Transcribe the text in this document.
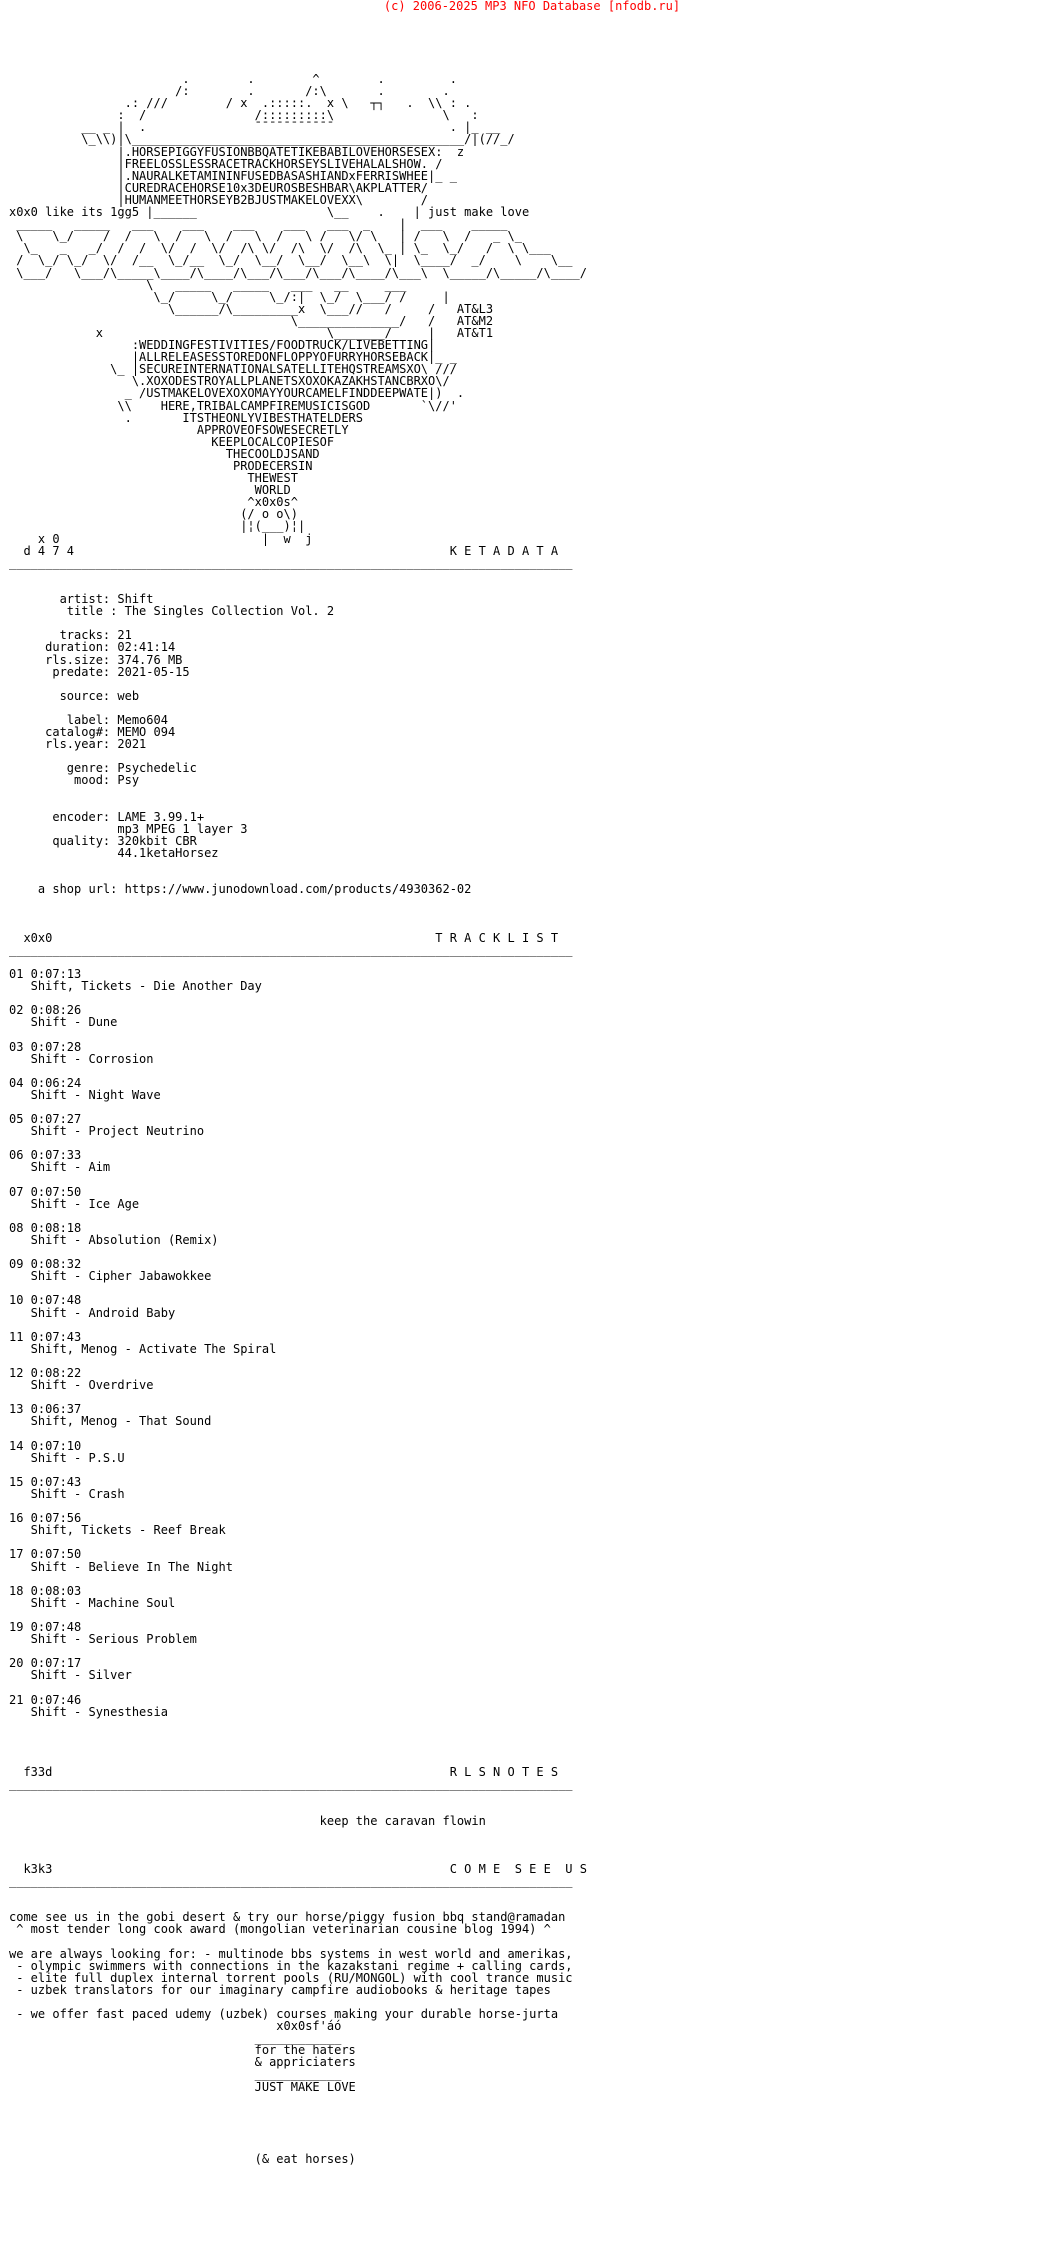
(c) 2006-2025 MP3 NFO Database [nfodb.ru]
.        .        ^        .         .
/:        .       /:\       .        .
.: ///        / x  .:::::.  x \   ┬┐   .  \\ : .
:  /               /:::::::::\               \   :
__ _ |  .               ¯¯¯¯¯¯¯¯¯¯¯                . |_ __
\_\\)|\______________________________________________/|(//_/
|.HORSEPIGGYFUSIONBBQATETIKEBABILOVEHORSESEX:  z
|FREELOSSLESSRACETRACKHORSEYSLIVEHALALSHOW. /
|.NAURALKETAMININFUSEDBASASHIANDxFERRISWHEE|_ _
|CUREDRACEHORSE10x3DEUROSBESHBAR\AKPLATTER/
|HUMANMEETHORSEYB2BJUSTMAKELOVEXX\        /
x0x0 like its 1gg5 |______                  \__    .    | just make love
_____   _____   ___    ___    ___    ___   ___  _    |  ___    _____
\    \_/    /  /   \  /   \  /   \  /   \ /   \/ \   | /   \  /   _ \_
\_   _   _/  /  /  \/  /  \/  /\ \/  /\  \/  /\  \_ | \_  \_/   /  \ \___
/  \_/ \_/  \/  /__  \_/__  \_/  \__/  \__/  \__\  \|  \____/  _/    \    \__
\___/   \___/\_____\____/\____/\___/\___/\___/\____/\___\  \_____/\_____/\____/
\   _____   _____   ___   __     ___
\_/     \_/     \_/:|  \_/  \___/ /     |
\______/\_________x  \___//   /     /   AT&L3
\______________/   /   AT&M2
x                               \_______/     |   AT&T1
:WEDDINGFESTIVITIES/FOODTRUCK/LIVEBETTING|
|ALLRELEASESSTOREDONFLOPPYOFURRYHORSEBACK|_ _
\_ |SECUREINTERNATIONALSATELLITEHQSTREAMSXO\ ///
\.XOXODESTROYALLPLANETSXOXOKAZAKHSTANCBRXO\/
_ /USTMAKELOVEXOXOMAYYOURCAMELFINDDEEPWATE|)  .
\\    HERE,TRIBALCAMPFIREMUSICISGOD       `\//'
.       ITSTHEONLYVIBESTHATELDERS
APPROVEOFSOWESECRETLY
KEEPLOCALCOPIESOF
THECOOLDJSAND
PRODECERSIN
THEWEST
WORLD
^x0x0s^
(/ o o\)
|¦(___)¦|
x 0                            |  w  j
d 4 7 4                                                    K E T A D A T A
______________________________________________________________________________

artist: Shift
title : The Singles Collection Vol. 2

tracks: 21
duration: 02:41:14
rls.size: 374.76 MB
predate: 2021-05-15

source: web

label: Memo604
catalog#: MEMO 094
rls.year: 2021

genre: Psychedelic
mood: Psy

encoder: LAME 3.99.1+
mp3 MPEG 1 layer 3
quality: 320kbit CBR
44.1ketaHorsez

a shop url: https://www.junodownload.com/products/4930362-02

x0x0                                                     T R A C K L I S T
______________________________________________________________________________

01 0:07:13
Shift, Tickets - Die Another Day

02 0:08:26
Shift - Dune

03 0:07:28
Shift - Corrosion

04 0:06:24
Shift - Night Wave

05 0:07:27
Shift - Project Neutrino

06 0:07:33
Shift - Aim

07 0:07:50
Shift - Ice Age

08 0:08:18
Shift - Absolution (Remix)

09 0:08:32
Shift - Cipher Jabawokkee

10 0:07:48
Shift - Android Baby

11 0:07:43
Shift, Menog - Activate The Spiral

12 0:08:22
Shift - Overdrive

13 0:06:37
Shift, Menog - That Sound

14 0:07:10
Shift - P.S.U

15 0:07:43
Shift - Crash

16 0:07:56
Shift, Tickets - Reef Break

17 0:07:50
Shift - Believe In The Night

18 0:08:03
Shift - Machine Soul

19 0:07:48
Shift - Serious Problem

20 0:07:17
Shift - Silver

21 0:07:46
Shift - Synesthesia

f33d                                                       R L S N O T E S
______________________________________________________________________________

keep the caravan flowin

k3k3                                                       C O M E  S E E  U S
______________________________________________________________________________

come see us in the gobi desert & try our horse/piggy fusion bbq stand@ramadan
^ most tender long cook award (mongolian veterinarian cousine blog 1994) ^

we are always looking for: - multinode bbs systems in west world and amerikas,
- olympic swimmers with connections in the kazakstani regime + calling cards,
- elite full duplex internal torrent pools (RU/MONGOL) with cool trance music
- uzbek translators for our imaginary campfire audiobooks & heritage tapes

- we offer fast paced udemy (uzbek) courses making your durable horse-jurta
x0x0sf'áó
____________
for the haters
& appriciaters
____________
JUST MAKE LOVE

(& eat horses)
